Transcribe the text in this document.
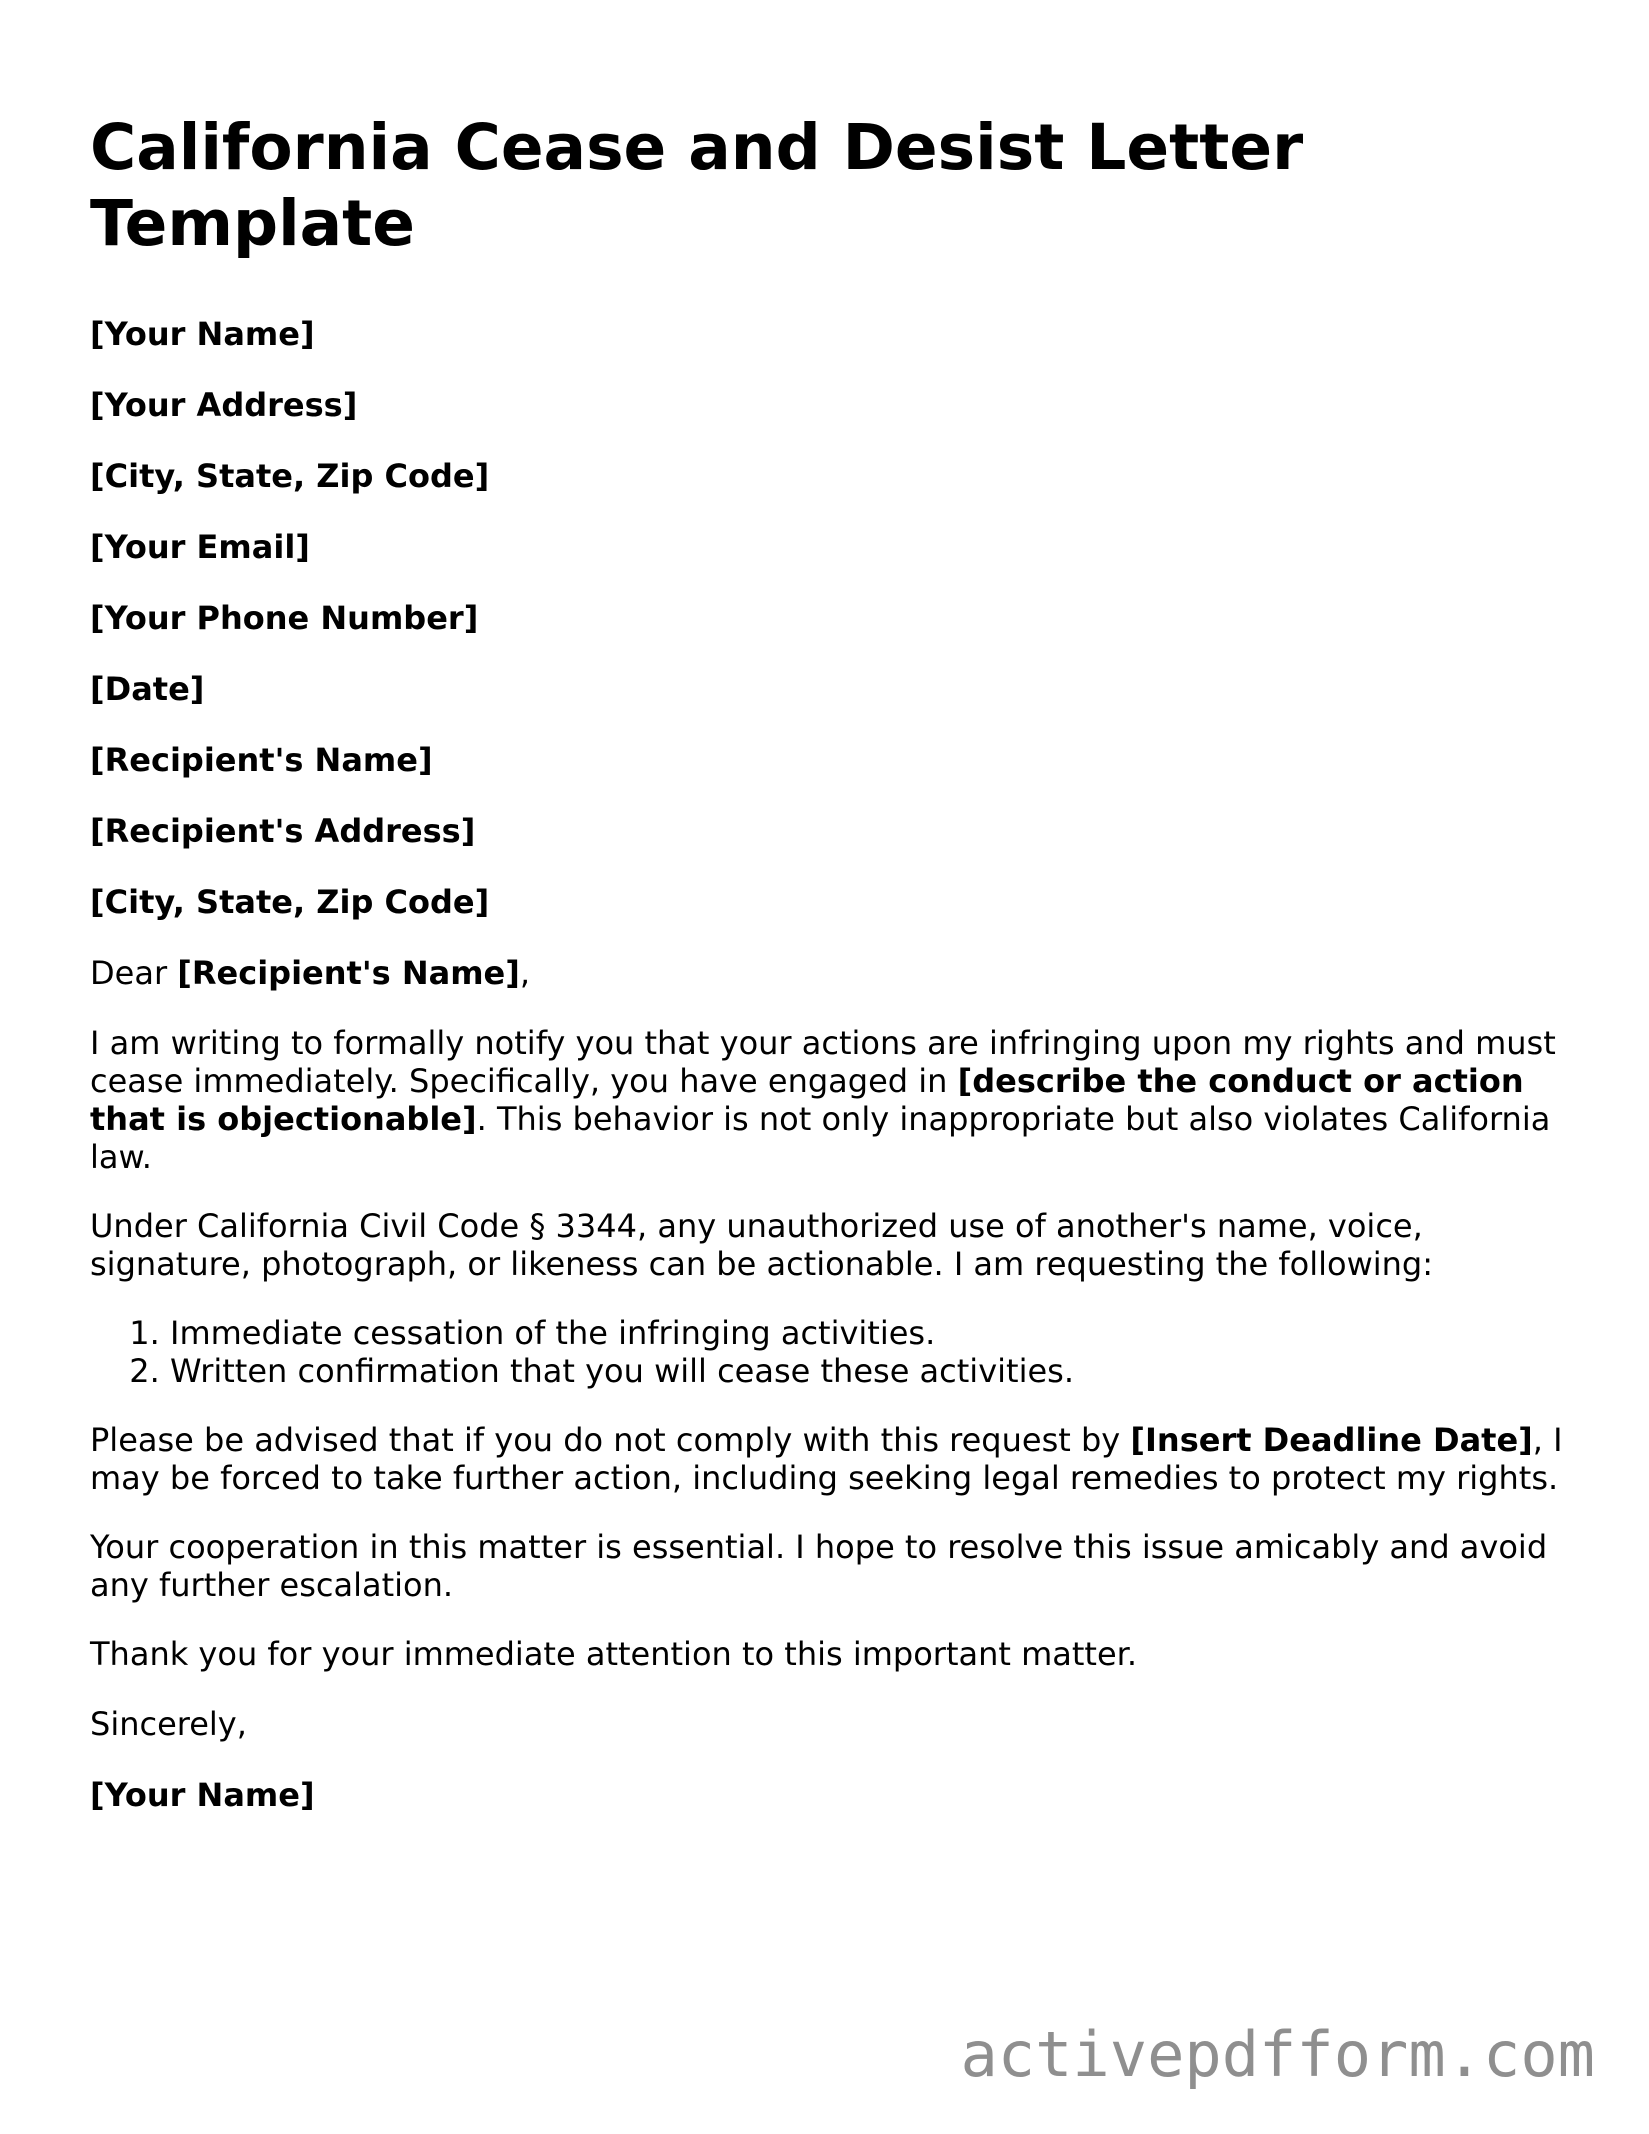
California Cease and Desist Letter Template
[Your Name]
[Your Address]
[City, State, Zip Code]
[Your Email]
[Your Phone Number]
[Date]
[Recipient's Name]
[Recipient's Address]
[City, State, Zip Code]
Dear [Recipient's Name],

I am writing to formally notify you that your actions are infringing upon my rights and must cease immediately. Specifically, you have engaged in [describe the conduct or action that is objectionable]. This behavior is not only inappropriate but also violates California law.

Under California Civil Code § 3344, any unauthorized use of another's name, voice, signature, photograph, or likeness can be actionable. I am requesting the following:

1. Immediate cessation of the infringing activities.
2. Written confirmation that you will cease these activities.

Please be advised that if you do not comply with this request by [Insert Deadline Date], I may be forced to take further action, including seeking legal remedies to protect my rights.

Your cooperation in this matter is essential. I hope to resolve this issue amicably and avoid any further escalation.

Thank you for your immediate attention to this important matter.

Sincerely,
[Your Name]
activepdfform.com
